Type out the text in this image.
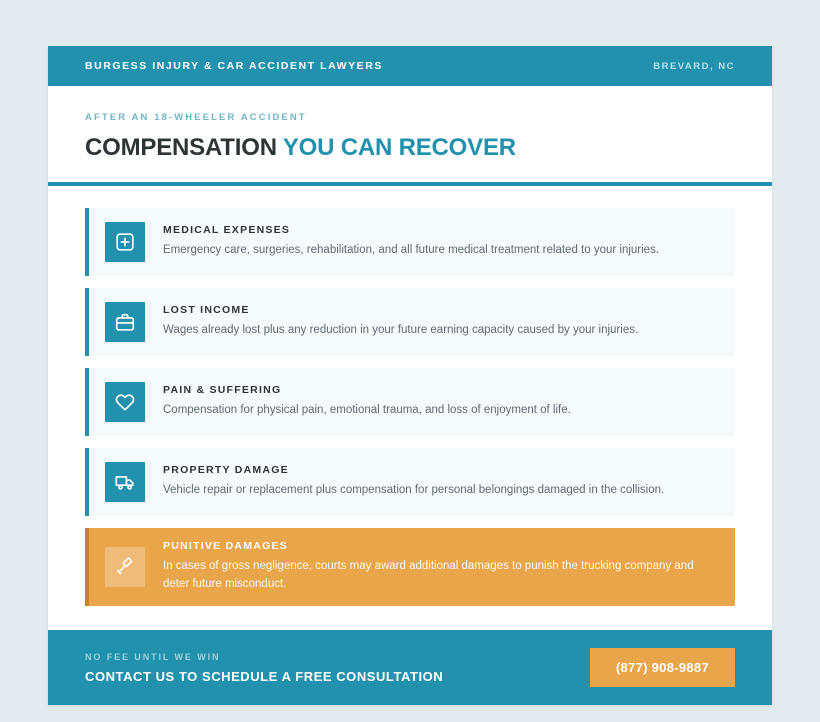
BURGESS INJURY & CAR ACCIDENT LAWYERS	BREVARD, NC
AFTER AN 18-WHEELER ACCIDENT
COMPENSATION YOU CAN RECOVER
MEDICAL EXPENSES
Emergency care, surgeries, rehabilitation, and all future medical treatment related to your injuries.
LOST INCOME
Wages already lost plus any reduction in your future earning capacity caused by your injuries.
PAIN & SUFFERING
Compensation for physical pain, emotional trauma, and loss of enjoyment of life.
PROPERTY DAMAGE
Vehicle repair or replacement plus compensation for personal belongings damaged in the collision.
PUNITIVE DAMAGES
In cases of gross negligence, courts may award additional damages to punish the trucking company and deter future misconduct.
NO FEE UNTIL WE WIN
CONTACT US TO SCHEDULE A FREE CONSULTATION
(877) 908-9887
